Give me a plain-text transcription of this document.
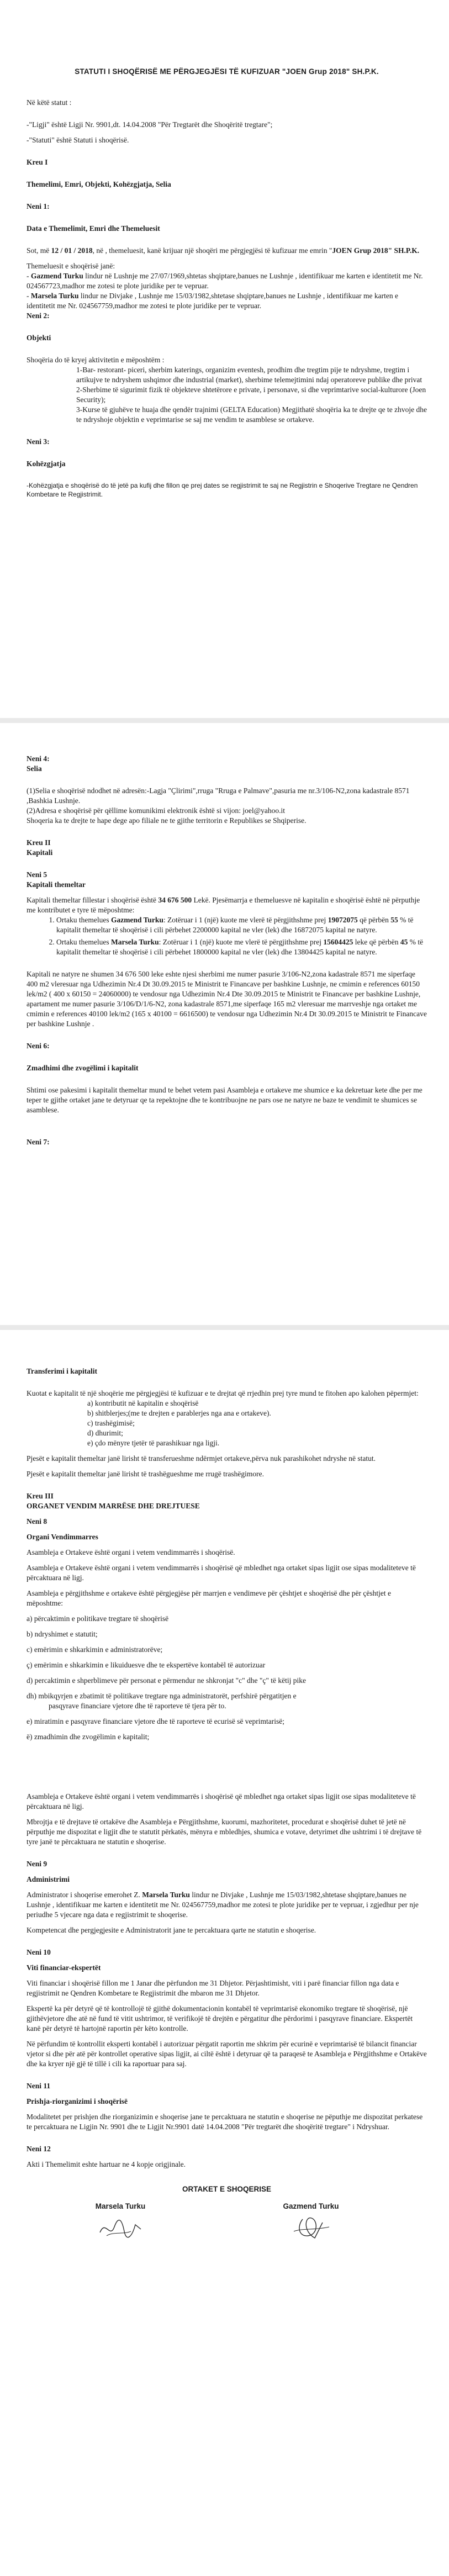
STATUTI I SHOQËRISË ME PËRGJEGJËSI TË KUFIZUAR "JOEN Grup 2018" SH.P.K.

Në këtë statut :

-"Ligji" është Ligji Nr. 9901,dt. 14.04.2008 "Për Tregtarët dhe Shoqëritë tregtare";

-"Statuti" është Statuti i shoqërisë.

Kreu I

Themelimi, Emri, Objekti, Kohëzgjatja, Selia

Neni 1:

Data e Themelimit, Emri dhe Themeluesit

Sot, më 12 / 01 / 2018, në , themeluesit, kanë krijuar një shoqëri me përgjegjësi të kufizuar me emrin "JOEN Grup 2018" SH.P.K.

Themeluesit e shoqërisë janë:

- Gazmend Turku lindur në Lushnje me 27/07/1969,shtetas shqiptare,banues ne Lushnje , identifikuar me karten e identitetit me Nr. 024567723,madhor me zotesi te plote juridike per te vepruar.

- Marsela Turku lindur ne Divjake , Lushnje me 15/03/1982,shtetase shqiptare,banues ne Lushnje , identifikuar me karten e identitetit me Nr. 024567759,madhor me zotesi te plote juridike per te vepruar.

Neni 2:

Objekti

Shoqëria do të kryej aktivitetin e mëposhtëm :

1-Bar- restorant- piceri, sherbim katerings, organizim eventesh, prodhim dhe tregtim pije te ndryshme, tregtim i artikujve te ndryshem ushqimor dhe industrial (market), sherbime telemejtimini ndaj operatoreve publike dhe privat

2-Sherbime të sigurimit fizik të objekteve shtetërore e private, i personave, si dhe veprimtarive social-kulturore (Joen Security);

3-Kurse të gjuhëve te huaja dhe qendër trajnimi (GELTA Education) Megjithatë shoqëria ka te drejte qe te zhvoje dhe te ndryshoje objektin e veprimtarise se saj me vendim te asamblese se ortakeve.

Neni 3:

Kohëzgjatja

-Kohëzgjatja e shoqërisë do të jetë pa kufij dhe fillon qe prej dates se regjistrimit te saj ne Regjistrin e Shoqerive Tregtare ne Qendren Kombetare te Regjistrimit.

Neni 4:

Selia

(1)Selia e shoqërisë ndodhet në adresën:-Lagja "Çlirimi",rruga "Rruga e Palmave",pasuria me nr.3/106-N2,zona kadastrale 8571 ,Bashkia Lushnje.

(2)Adresa e shoqërisë për qëllime komunikimi elektronik është si vijon: joel@yahoo.it

Shoqeria ka te drejte te hape dege apo filiale ne te gjithe territorin e Republikes se Shqiperise.

Kreu II

Kapitali

Neni 5

Kapitali themeltar

Kapitali themeltar fillestar i shoqërisë është 34 676 500 Lekë. Pjesëmarrja e themeluesve në kapitalin e shoqërisë është në përputhje me kontributet e tyre të mëposhtme:

1. Ortaku themelues Gazmend Turku: Zotëruar i 1 (një) kuote me vlerë të përgjithshme prej 19072075 që përbën 55 % të kapitalit themeltar të shoqërisë i cili përbehet 2200000 kapital ne vler (lek) dhe 16872075 kapital ne natyre.
2. Ortaku themelues Marsela Turku: Zotëruar i 1 (një) kuote me vlerë të përgjithshme prej 15604425 leke që përbën 45 % të kapitalit themeltar të shoqërisë i cili përbehet 1800000 kapital ne vler (lek) dhe 13804425 kapital ne natyre.

Kapitali ne natyre ne shumen 34 676 500 leke eshte njesi sherbimi me numer pasurie 3/106-N2,zona kadastrale 8571 me siperfaqe 400 m2 vleresuar nga Udhezimin Nr.4 Dt 30.09.2015 te Ministrit te Financave per bashkine Lushnje, ne cmimin e references 60150 lek/m2 ( 400 x 60150 = 24060000) te vendosur nga Udhezimin Nr.4 Dte 30.09.2015 te Ministrit te Financave per bashkine Lushnje, apartament me numer pasurie 3/106/D/1/6-N2, zona kadastrale 8571,me siperfaqe 165 m2 vleresuar me marrveshje nga ortaket me cmimin e references 40100 lek/m2 (165 x 40100 = 6616500) te vendosur nga Udhezimin Nr.4 Dt 30.09.2015 te Ministrit te Financave per bashkine Lushnje .

Neni 6:

Zmadhimi dhe zvogëlimi i kapitalit

Shtimi ose pakesimi i kapitalit themeltar mund te behet vetem pasi Asambleja e ortakeve me shumice e ka dekretuar kete dhe per me teper te gjithe ortaket jane te detyruar qe ta repektojne dhe te kontribuojne ne pars ose ne natyre ne baze te vendimit te shumices se asamblese.

Neni 7:

Transferimi i kapitalit

Kuotat e kapitalit të një shoqërie me përgjegjësi të kufizuar e te drejtat që rrjedhin prej tyre mund te fitohen apo kalohen pëpermjet:

a) kontributit në kapitalin e shoqërisë

b) shitblerjes;(me te drejten e parablerjes nga ana e ortakeve).

c) trashëgimisë;

d) dhurimit;

e) çdo mënyre tjetër të parashikuar nga ligji.

Pjesët e kapitalit themeltar janë lirisht të transferueshme ndërmjet ortakeve,përva nuk parashikohet ndryshe në statut.

Pjesët e kapitalit themeltar janë lirisht të trashëgueshme me rrugë trashëgimore.

Kreu III

ORGANET VENDIM MARRËSE DHE DREJTUESE

Neni 8

Organi Vendimmarres

Asambleja e Ortakeve është organi i vetem vendimmarrës i shoqërisë.

Asambleja e Ortakeve është organi i vetem vendimmarrës i shoqërisë që mbledhet nga ortaket sipas ligjit ose sipas modaliteteve të përcaktuara në ligj.

Asambleja e përgjithshme e ortakeve është përgjegjëse për marrjen e vendimeve për çështjet e shoqërisë dhe për çështjet e mëposhtme:

a) përcaktimin e politikave tregtare të shoqërisë

b) ndryshimet e statutit;

c) emërimin e shkarkimin e administratorëve;

ç) emërimin e shkarkimin e likuiduesve dhe te ekspertëve kontabël të autorizuar

d) percaktimin e shperblimeve për personat e përmendur ne shkronjat "c" dhe "ç" të këtij pike

dh) mbikqyrjen e zbatimit të politikave tregtare nga administratorët, perfshirë përgatitjen e

pasqyrave financiare vjetore dhe të raporteve të tjera për to.

e) miratimin e pasqyrave financiare vjetore dhe të raporteve të ecurisë së veprimtarisë;

ë) zmadhimin dhe zvogëlimin e kapitalit;

Asambleja e Ortakeve është organi i vetem vendimmarrës i shoqërisë që mbledhet nga ortaket sipas ligjit ose sipas modaliteteve të përcaktuara në ligj.

Mbrojtja e të drejtave të ortakëve dhe Asambleja e Përgjithshme, kuorumi, mazhoritetet, procedurat e shoqërisë duhet të jetë në përputhje me dispozitat e ligjit dhe te statutit përkatës, mënyra e mbledhjes, shumica e votave, detyrimet dhe ushtrimi i të drejtave të tyre janë te përcaktuara ne statutin e shoqerise.

Neni 9

Administrimi

Administrator i shoqerise emerohet Z. Marsela Turku lindur ne Divjake , Lushnje me 15/03/1982,shtetase shqiptare,banues ne Lushnje , identifikuar me karten e identitetit me Nr. 024567759,madhor me zotesi te plote juridike per te vepruar, i zgjedhur per nje periudhe 5 vjecare nga data e regjistrimit te shoqerise.

Kompetencat dhe pergjegjesite e Administratorit jane te percaktuara qarte ne statutin e shoqerise.

Neni 10

Viti financiar-ekspertët

Viti financiar i shoqërisë fillon me 1 Janar dhe përfundon me 31 Dhjetor. Përjashtimisht, viti i parë financiar fillon nga data e regjistrimit ne Qendren Kombetare te Regjistrimit dhe mbaron me 31 Dhjetor.

Ekspertë ka për detyrë që të kontrollojë të gjithë dokumentacionin kontabël të veprimtarisë ekonomiko tregtare të shoqërisë, një gjithëvjetore dhe atë në fund të vitit ushtrimor, të verifikojë të drejtën e përgatitur dhe përdorimi i pasqyrave financiare. Ekspertët kanë për detyrë të hartojnë raportin për këto kontrolle.

Në përfundim të kontrollit eksperti kontabël i autorizuar përgatit raportin me shkrim për ecurinë e veprimtarisë të bilancit financiar vjetor si dhe për atë për kontrollet operative sipas ligjit, ai ciltë është i detyruar që ta paraqesë te Asambleja e Përgjithshme e Ortakëve dhe ka kryer një gjë të tillë i cili ka raportuar para saj.

Neni 11

Prishja-riorganizimi i shoqërisë

Modalitetet per prishjen dhe riorganizimin e shoqerise jane te percaktuara ne statutin e shoqerise ne pëputhje me dispozitat perkatese te percaktuara ne Ligjin Nr. 9901 dhe te Ligjit Nr.9901 datë 14.04.2008 "Për tregtarët dhe shoqëritë tregtare" i Ndryshuar.

Neni 12

Akti i Themelimit eshte hartuar ne 4 kopje origjinale.

ORTAKET E SHOQERISE

Marsela Turku	Gazmend Turku
